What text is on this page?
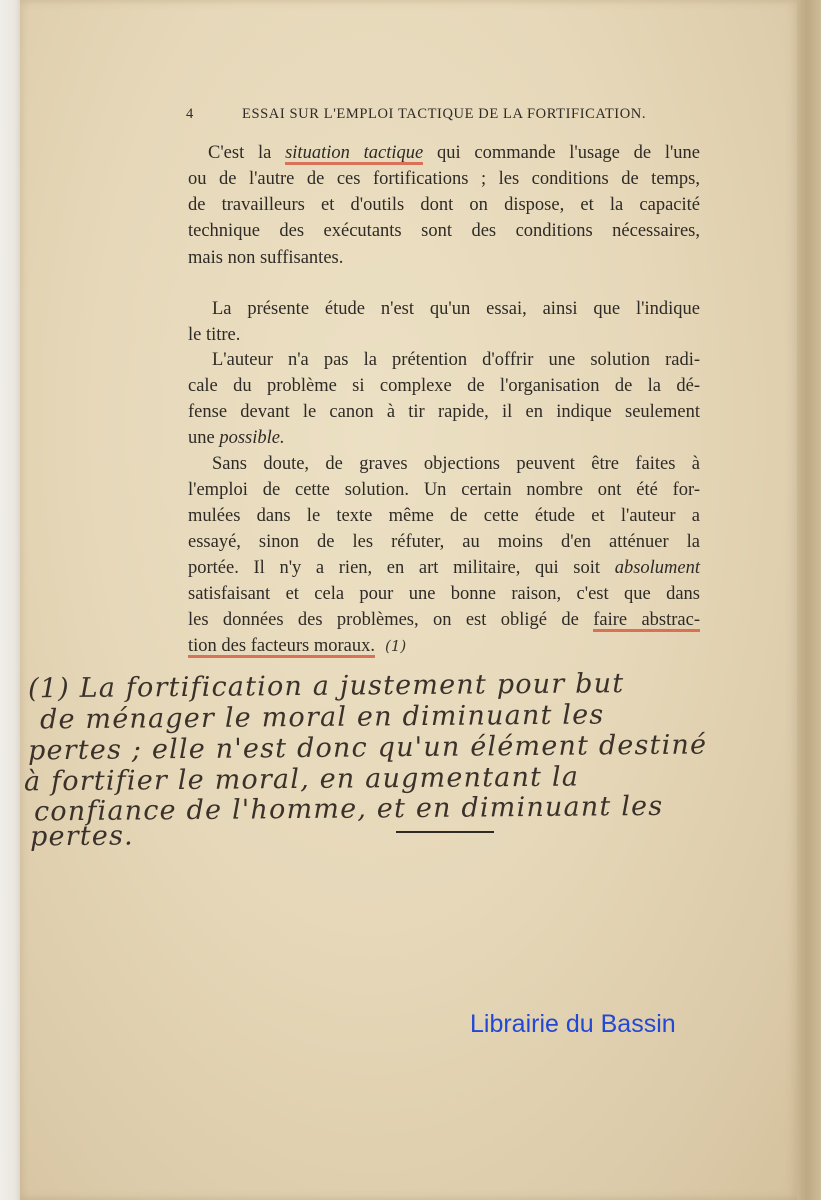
4	ESSAI SUR L'EMPLOI TACTIQUE DE LA FORTIFICATION.
C'est la situation tactique qui commande l'usage de l'une
ou de l'autre de ces fortifications ; les conditions de temps,
de travailleurs et d'outils dont on dispose, et la capacité
technique des exécutants sont des conditions nécessaires,
mais non suffisantes.
La présente étude n'est qu'un essai, ainsi que l'indique
le titre.
L'auteur n'a pas la prétention d'offrir une solution radi-
cale du problème si complexe de l'organisation de la dé-
fense devant le canon à tir rapide, il en indique seulement
une possible.
Sans doute, de graves objections peuvent être faites à
l'emploi de cette solution. Un certain nombre ont été for-
mulées dans le texte même de cette étude et l'auteur a
essayé, sinon de les réfuter, au moins d'en atténuer la
portée. Il n'y a rien, en art militaire, qui soit absolument
satisfaisant et cela pour une bonne raison, c'est que dans
les données des problèmes, on est obligé de faire abstrac-
tion des facteurs moraux. (1)
(1) La fortification a justement pour but
de ménager le moral en diminuant les
pertes ; elle n'est donc qu'un élément destiné
à fortifier le moral, en augmentant la
confiance de l'homme, et en diminuant les
pertes.
Librairie du Bassin
